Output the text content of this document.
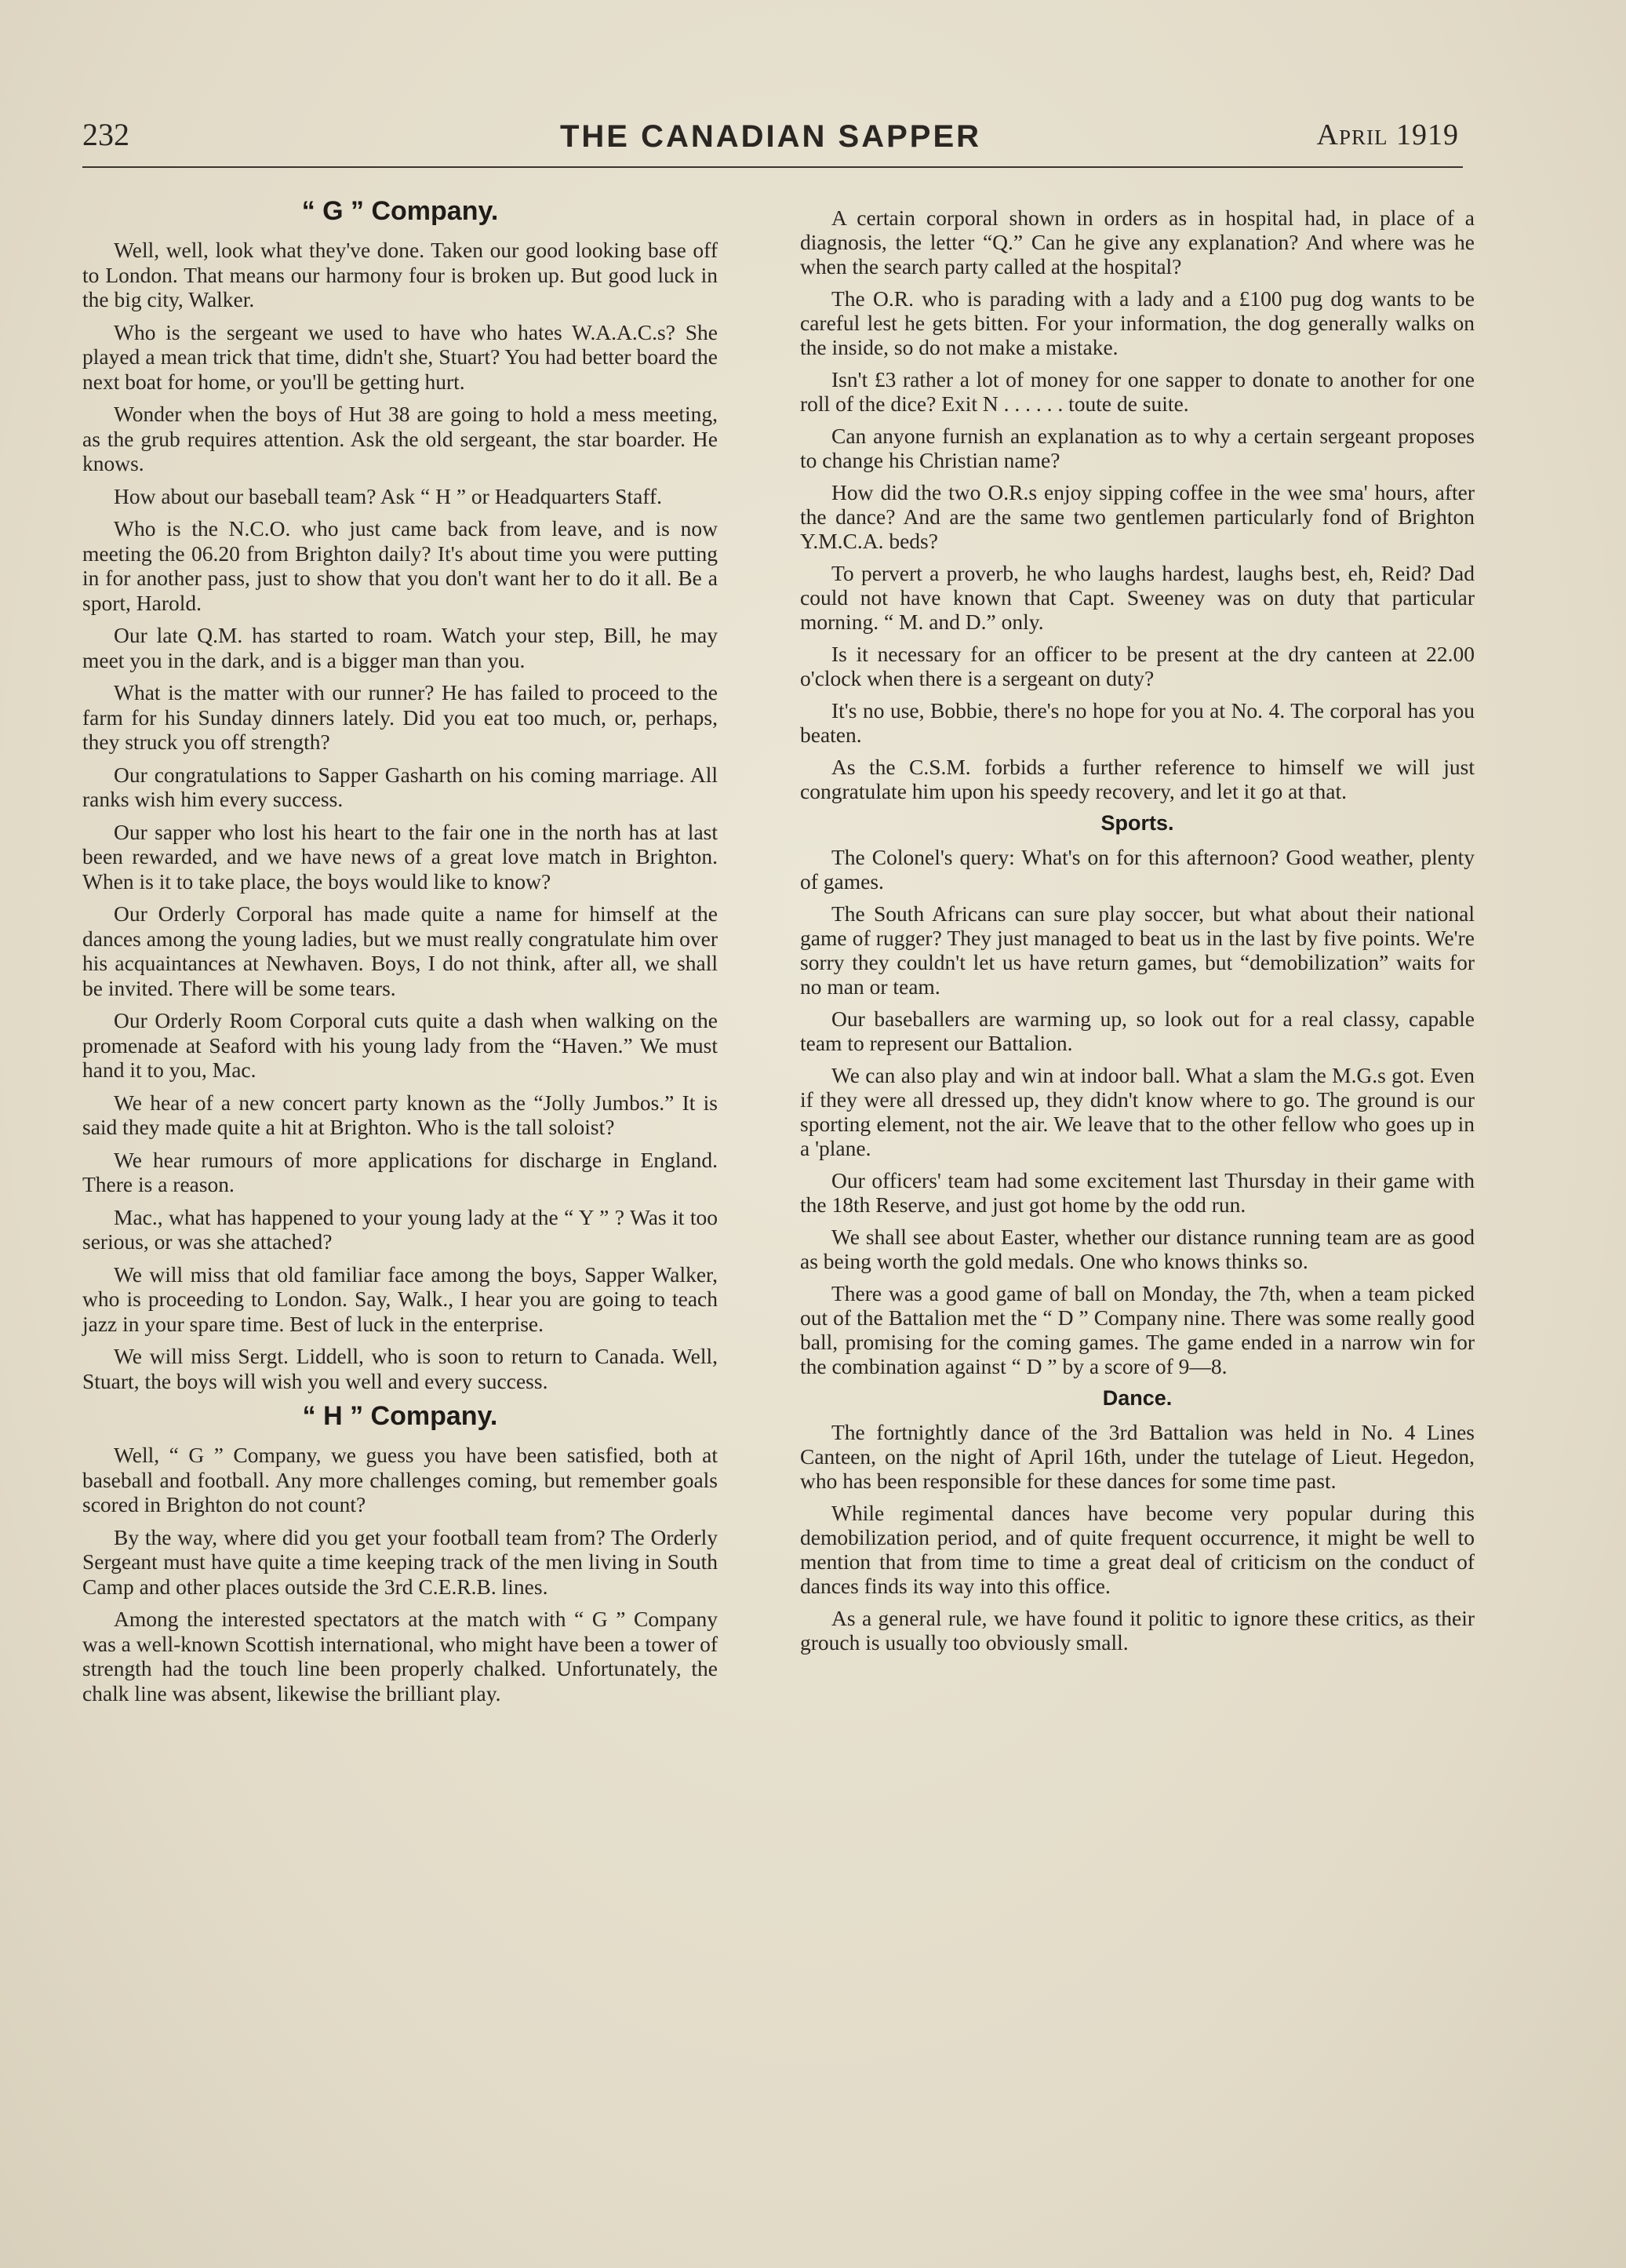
232	THE CANADIAN SAPPER	April 1919
“ G ” Company.

Well, well, look what they've done. Taken our good looking base off to London. That means our harmony four is broken up. But good luck in the big city, Walker.

Who is the sergeant we used to have who hates W.A.A.C.s? She played a mean trick that time, didn't she, Stuart? You had better board the next boat for home, or you'll be getting hurt.

Wonder when the boys of Hut 38 are going to hold a mess meeting, as the grub requires attention. Ask the old sergeant, the star boarder. He knows.

How about our baseball team? Ask “ H ” or Headquarters Staff.

Who is the N.C.O. who just came back from leave, and is now meeting the 06.20 from Brighton daily? It's about time you were putting in for another pass, just to show that you don't want her to do it all. Be a sport, Harold.

Our late Q.M. has started to roam. Watch your step, Bill, he may meet you in the dark, and is a bigger man than you.

What is the matter with our runner? He has failed to proceed to the farm for his Sunday dinners lately. Did you eat too much, or, perhaps, they struck you off strength?

Our congratulations to Sapper Gasharth on his coming marriage. All ranks wish him every success.

Our sapper who lost his heart to the fair one in the north has at last been rewarded, and we have news of a great love match in Brighton. When is it to take place, the boys would like to know?

Our Orderly Corporal has made quite a name for himself at the dances among the young ladies, but we must really congratulate him over his acquaintances at Newhaven. Boys, I do not think, after all, we shall be invited. There will be some tears.

Our Orderly Room Corporal cuts quite a dash when walking on the promenade at Seaford with his young lady from the “Haven.” We must hand it to you, Mac.

We hear of a new concert party known as the “Jolly Jumbos.” It is said they made quite a hit at Brighton. Who is the tall soloist?

We hear rumours of more applications for discharge in England. There is a reason.

Mac., what has happened to your young lady at the “ Y ” ? Was it too serious, or was she attached?

We will miss that old familiar face among the boys, Sapper Walker, who is proceeding to London. Say, Walk., I hear you are going to teach jazz in your spare time. Best of luck in the enterprise.

We will miss Sergt. Liddell, who is soon to return to Canada. Well, Stuart, the boys will wish you well and every success.

“ H ” Company.

Well, “ G ” Company, we guess you have been satisfied, both at baseball and football. Any more challenges coming, but remember goals scored in Brighton do not count?

By the way, where did you get your football team from? The Orderly Sergeant must have quite a time keeping track of the men living in South Camp and other places outside the 3rd C.E.R.B. lines.

Among the interested spectators at the match with “ G ” Company was a well-known Scottish international, who might have been a tower of strength had the touch line been properly chalked. Unfortunately, the chalk line was absent, likewise the brilliant play.

A certain corporal shown in orders as in hospital had, in place of a diagnosis, the letter “Q.” Can he give any explanation? And where was he when the search party called at the hospital?

The O.R. who is parading with a lady and a £100 pug dog wants to be careful lest he gets bitten. For your information, the dog generally walks on the inside, so do not make a mistake.

Isn't £3 rather a lot of money for one sapper to donate to another for one roll of the dice? Exit N . . . . . . toute de suite.

Can anyone furnish an explanation as to why a certain sergeant proposes to change his Christian name?

How did the two O.R.s enjoy sipping coffee in the wee sma' hours, after the dance? And are the same two gentlemen particularly fond of Brighton Y.M.C.A. beds?

To pervert a proverb, he who laughs hardest, laughs best, eh, Reid? Dad could not have known that Capt. Sweeney was on duty that particular morning. “ M. and D.” only.

Is it necessary for an officer to be present at the dry canteen at 22.00 o'clock when there is a sergeant on duty?

It's no use, Bobbie, there's no hope for you at No. 4. The corporal has you beaten.

As the C.S.M. forbids a further reference to himself we will just congratulate him upon his speedy recovery, and let it go at that.

Sports.

The Colonel's query: What's on for this afternoon? Good weather, plenty of games.

The South Africans can sure play soccer, but what about their national game of rugger? They just managed to beat us in the last by five points. We're sorry they couldn't let us have return games, but “demobilization” waits for no man or team.

Our baseballers are warming up, so look out for a real classy, capable team to represent our Battalion.

We can also play and win at indoor ball. What a slam the M.G.s got. Even if they were all dressed up, they didn't know where to go. The ground is our sporting element, not the air. We leave that to the other fellow who goes up in a 'plane.

Our officers' team had some excitement last Thursday in their game with the 18th Reserve, and just got home by the odd run.

We shall see about Easter, whether our distance running team are as good as being worth the gold medals. One who knows thinks so.

There was a good game of ball on Monday, the 7th, when a team picked out of the Battalion met the “ D ” Company nine. There was some really good ball, promising for the coming games. The game ended in a narrow win for the combination against “ D ” by a score of 9—8.

Dance.

The fortnightly dance of the 3rd Battalion was held in No. 4 Lines Canteen, on the night of April 16th, under the tutelage of Lieut. Hegedon, who has been responsible for these dances for some time past.

While regimental dances have become very popular during this demobilization period, and of quite frequent occurrence, it might be well to mention that from time to time a great deal of criticism on the conduct of dances finds its way into this office.

As a general rule, we have found it politic to ignore these critics, as their grouch is usually too obviously small.
